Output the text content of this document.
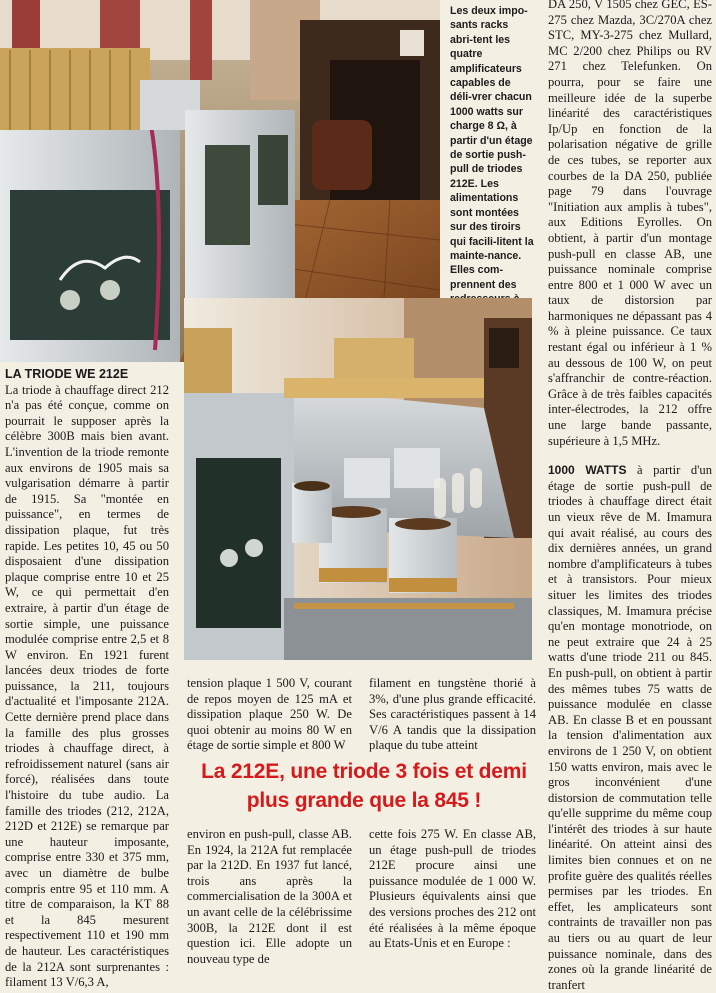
Les deux impo-sants racks abri-tent les quatre amplificateurs capables de déli-vrer chacun 1000 watts sur charge 8 Ω, à partir d'un étage de sortie push-pull de triodes 212E. Les alimentations sont montées sur des tiroirs qui facili-litent la mainte-nance. Elles com-prennent des

LA TRIODE WE 212E

La triode à chauffage direct 212 n'a pas été conçue, comme on pourrait le supposer après la célèbre 300B mais bien avant. L'invention de la triode remonte aux environs de 1905 mais sa vulgarisation démarre à partir de 1915. Sa "montée en puissance", en termes de dissipation plaque, fut très rapide. Les petites 10, 45 ou 50 disposaient d'une dissipation plaque comprise entre 10 et 25 W, ce qui permettait d'en extraire, à partir d'un étage de sortie simple, une puissance modulée comprise entre 2,5 et 8 W environ. En 1921 furent lancées deux triodes de forte puissance, la 211, toujours d'actualité et l'imposante 212A. Cette dernière prend place dans la famille des plus grosses triodes à chauffage direct, à refroidissement naturel (sans air forcé), réalisées dans toute l'histoire du tube audio. La famille des triodes (212, 212A, 212D et 212E) se remarque par une hauteur imposante, comprise entre 330 et 375 mm, avec un diamètre de bulbe compris entre 95 et 110 mm. A titre de comparaison, la KT 88 et la 845 mesurent respectivement 110 et 190 mm de hauteur. Les caractéristiques de la 212A sont surprenantes : filament 13 V/6,3 A,

tension plaque 1 500 V, courant de repos moyen de 125 mA et dissipation plaque 250 W. De quoi obtenir au moins 80 W en étage de sortie simple et 800 W
filament en tungstène thorié à 3%, d'une plus grande efficacité. Ses caractéristiques passent à 14 V/6 A tandis que la dissipation plaque du tube atteint
La 212E, une triode 3 fois et demi plus grande que la 845 !
environ en push-pull, classe AB. En 1924, la 212A fut remplacée par la 212D. En 1937 fut lancé, trois ans après la commercialisation de la 300A et un avant celle de la célébrissime 300B, la 212E dont il est question ici. Elle adopte un nouveau type de
cette fois 275 W. En classe AB, un étage push-pull de triodes 212E procure ainsi une puissance modulée de 1 000 W. Plusieurs équivalents ainsi que des versions proches des 212 ont été réalisées à la même époque au Etats-Unis et en Europe :

DA 250, V 1505 chez GEC, ES-275 chez Mazda, 3C/270A chez STC, MY-3-275 chez Mullard, MC 2/200 chez Philips ou RV 271 chez Telefunken. On pourra, pour se faire une meilleure idée de la superbe linéarité des caractéristiques Ip/Up en fonction de la polarisation négative de grille de ces tubes, se reporter aux courbes de la DA 250, publiée page 79 dans l'ouvrage "Initiation aux amplis à tubes", aux Editions Eyrolles. On obtient, à partir d'un montage push-pull en classe AB, une puissance nominale comprise entre 800 et 1 000 W avec un taux de distorsion par harmoniques ne dépassant pas 4 % à pleine puissance. Ce taux restant égal ou inférieur à 1 % au dessous de 100 W, on peut s'affranchir de contre-réaction. Grâce à de très faibles capacités inter-électrodes, la 212 offre une large bande passante, supérieure à 1,5 MHz.

1000 WATTS à partir d'un étage de sortie push-pull de triodes à chauffage direct était un vieux rêve de M. Imamura qui avait réalisé, au cours des dix dernières années, un grand nombre d'amplificateurs à tubes et à transistors. Pour mieux situer les limites des triodes classiques, M. Imamura précise qu'en montage monotriode, on ne peut extraire que 24 à 25 watts d'une triode 211 ou 845. En push-pull, on obtient à partir des mêmes tubes 75 watts de puissance modulée en classe AB. En classe B et en poussant la tension d'alimentation aux environs de 1 250 V, on obtient 150 watts environ, mais avec le gros inconvénient d'une distorsion de commutation telle qu'elle supprime du même coup l'intérêt des triodes à sur haute linéarité. On atteint ainsi des limites bien connues et on ne profite guère des qualités réelles permises par les triodes. En effet, les amplicateurs sont contraints de travailler non pas au tiers ou au quart de leur puissance nominale, dans des zones où la grande linéarité de tranfert
